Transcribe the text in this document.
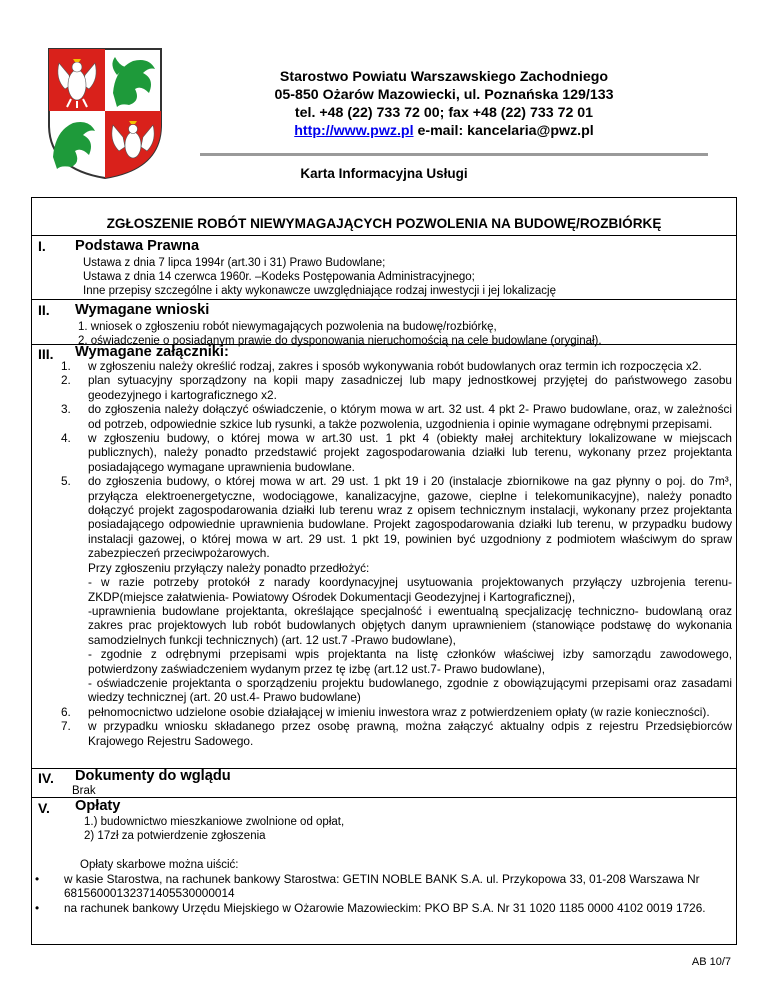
Starostwo Powiatu Warszawskiego Zachodniego
05-850 Ożarów Mazowiecki, ul. Poznańska 129/133
tel. +48 (22) 733 72 00; fax +48 (22) 733 72 01
http://www.pwz.pl e-mail: kancelaria@pwz.pl
Karta Informacyjna Usługi
ZGŁOSZENIE ROBÓT NIEWYMAGAJĄCYCH POZWOLENIA NA BUDOWĘ/ROZBIÓRKĘ
I. Podstawa Prawna
Ustawa z dnia 7 lipca 1994r (art.30 i 31) Prawo Budowlane;
Ustawa z dnia 14 czerwca 1960r. –Kodeks Postępowania Administracyjnego;
Inne przepisy szczególne i akty wykonawcze uwzględniające rodzaj inwestycji i jej lokalizację
II. Wymagane wnioski
1. wniosek o zgłoszeniu robót niewymagających pozwolenia na budowę/rozbiórkę,
2. oświadczenie o posiadanym prawie do dysponowania nieruchomością na cele budowlane (oryginał).
III. Wymagane załączniki:
1. w zgłoszeniu należy określić rodzaj, zakres i sposób wykonywania robót budowlanych oraz termin ich rozpoczęcia x2.
2. plan sytuacyjny sporządzony na kopii mapy zasadniczej lub mapy jednostkowej przyjętej do państwowego zasobu geodezyjnego i kartograficznego x2.
3. do zgłoszenia należy dołączyć oświadczenie, o którym mowa w art. 32 ust. 4 pkt 2- Prawo budowlane, oraz, w zależności od potrzeb, odpowiednie szkice lub rysunki, a także pozwolenia, uzgodnienia i opinie wymagane odrębnymi przepisami.
4. w zgłoszeniu budowy, o której mowa w art.30 ust. 1 pkt 4 (obiekty małej architektury lokalizowane w miejscach publicznych), należy ponadto przedstawić projekt zagospodarowania działki lub terenu, wykonany przez projektanta posiadającego wymagane uprawnienia budowlane.
5. do zgłoszenia budowy, o której mowa w art. 29 ust. 1 pkt 19 i 20 (instalacje zbiornikowe na gaz płynny o poj. do 7m³, przyłącza elektroenergetyczne, wodociągowe, kanalizacyjne, gazowe, cieplne i telekomunikacyjne), należy ponadto dołączyć projekt zagospodarowania działki lub terenu wraz z opisem technicznym instalacji, wykonany przez projektanta posiadającego odpowiednie uprawnienia budowlane. Projekt zagospodarowania działki lub terenu, w przypadku budowy instalacji gazowej, o której mowa w art. 29 ust. 1 pkt 19, powinien być uzgodniony z podmiotem właściwym do spraw zabezpieczeń przeciwpożarowych.
Przy zgłoszeniu przyłączy należy ponadto przedłożyć:
- w razie potrzeby protokół z narady koordynacyjnej usytuowania projektowanych przyłączy uzbrojenia terenu- ZKDP(miejsce załatwienia- Powiatowy Ośrodek Dokumentacji Geodezyjnej i Kartograficznej),
-uprawnienia budowlane projektanta, określające specjalność i ewentualną specjalizację techniczno- budowlaną oraz zakres prac projektowych lub robót budowlanych objętych danym uprawnieniem (stanowiące podstawę do wykonania samodzielnych funkcji technicznych) (art. 12 ust.7 -Prawo budowlane),
- zgodnie z odrębnymi przepisami wpis projektanta na listę członków właściwej izby samorządu zawodowego, potwierdzony zaświadczeniem wydanym przez tę izbę (art.12 ust.7- Prawo budowlane),
- oświadczenie projektanta o sporządzeniu projektu budowlanego, zgodnie z obowiązującymi przepisami oraz zasadami wiedzy technicznej (art. 20 ust.4- Prawo budowlane)
6. pełnomocnictwo udzielone osobie działającej w imieniu inwestora wraz z potwierdzeniem opłaty (w razie konieczności).
7. w przypadku wniosku składanego przez osobę prawną, można załączyć aktualny odpis z rejestru Przedsiębiorców Krajowego Rejestru Sadowego.
IV. Dokumenty do wglądu
Brak
V. Opłaty
1.) budownictwo mieszkaniowe zwolnione od opłat,
2) 17zł za potwierdzenie zgłoszenia
Opłaty skarbowe można uiścić:
• w kasie Starostwa, na rachunek bankowy Starostwa: GETIN NOBLE BANK S.A. ul. Przykopowa 33, 01-208 Warszawa Nr 68156000132371405530000014
• na rachunek bankowy Urzędu Miejskiego w Ożarowie Mazowieckim: PKO BP S.A. Nr 31 1020 1185 0000 4102 0019 1726.
AB 10/7
